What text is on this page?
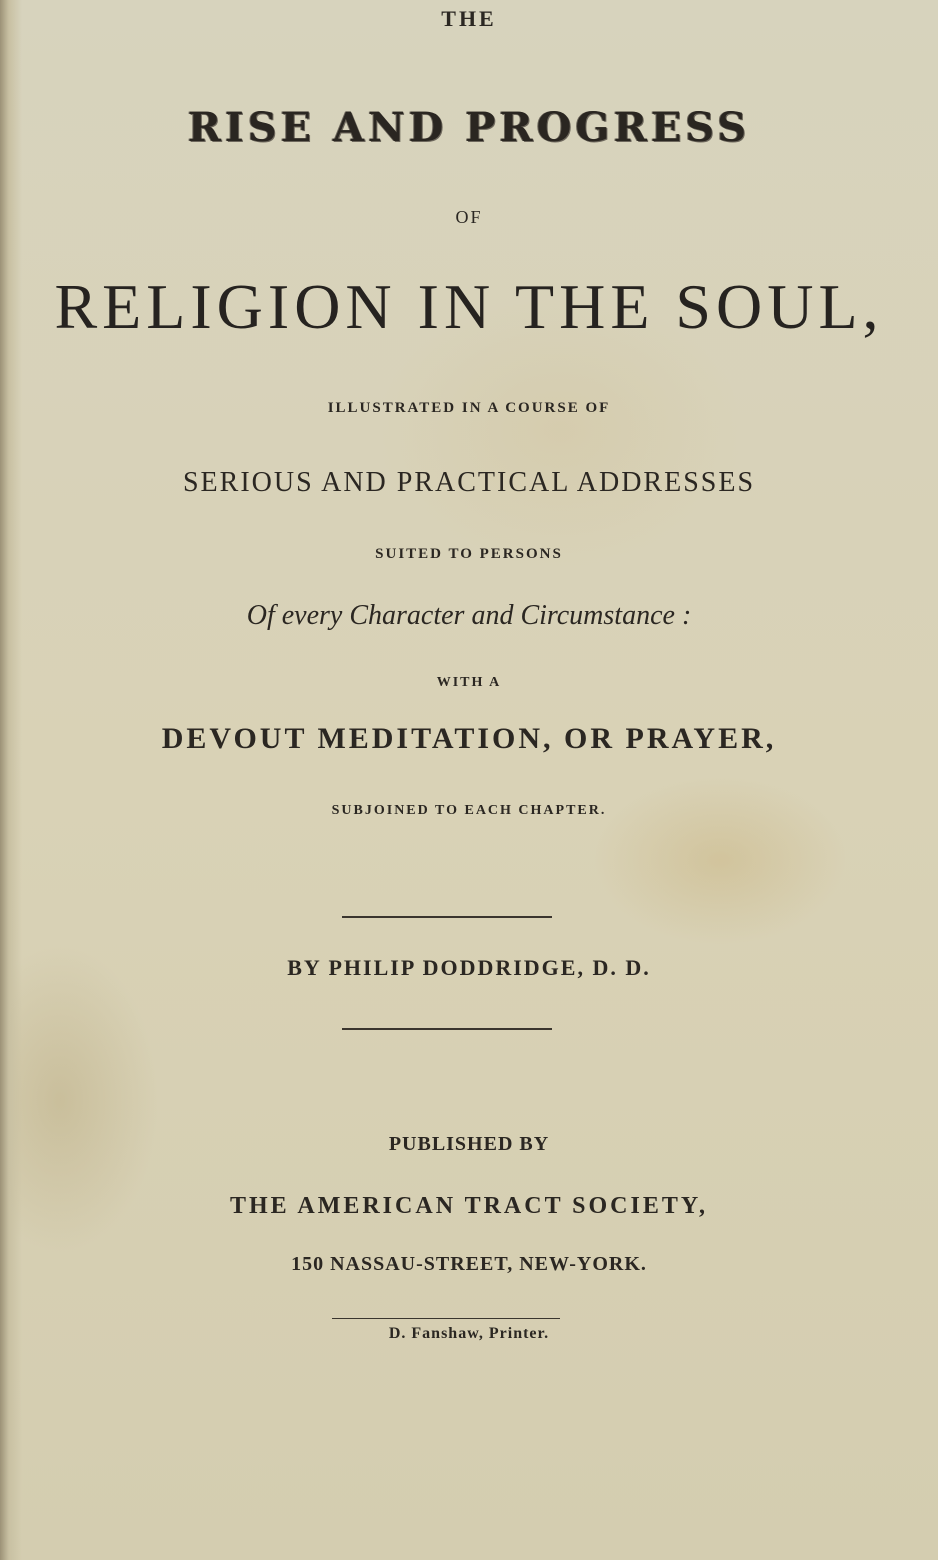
THE

RISE AND PROGRESS

OF

RELIGION IN THE SOUL,

ILLUSTRATED IN A COURSE OF

SERIOUS AND PRACTICAL ADDRESSES

SUITED TO PERSONS

Of every Character and Circumstance :

WITH A

DEVOUT MEDITATION, OR PRAYER,

SUBJOINED TO EACH CHAPTER.

BY PHILIP DODDRIDGE, D. D.

PUBLISHED BY

THE AMERICAN TRACT SOCIETY,

150 NASSAU-STREET, NEW-YORK.

D. Fanshaw, Printer.
